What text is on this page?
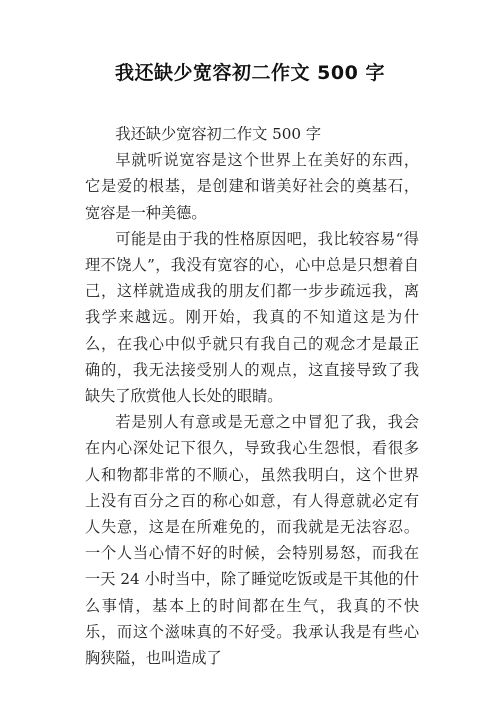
我还缺少宽容初二作文 500 字

我还缺少宽容初二作文 500 字

早就听说宽容是这个世界上在美好的东西，它是爱的根基，是创建和谐美好社会的奠基石，宽容是一种美德。

可能是由于我的性格原因吧，我比较容易“得理不饶人”，我没有宽容的心，心中总是只想着自己，这样就造成我的朋友们都一步步疏远我，离我学来越远。刚开始，我真的不知道这是为什么，在我心中似乎就只有我自己的观念才是最正确的，我无法接受别人的观点，这直接导致了我缺失了欣赏他人长处的眼睛。

若是别人有意或是无意之中冒犯了我，我会在内心深处记下很久，导致我心生怨恨，看很多人和物都非常的不顺心，虽然我明白，这个世界上没有百分之百的称心如意，有人得意就必定有人失意，这是在所难免的，而我就是无法容忍。一个人当心情不好的时候，会特别易怒，而我在一天 24 小时当中，除了睡觉吃饭或是干其他的什么事情，基本上的时间都在生气，我真的不快乐，而这个滋味真的不好受。我承认我是有些心胸狭隘，也叫造成了
